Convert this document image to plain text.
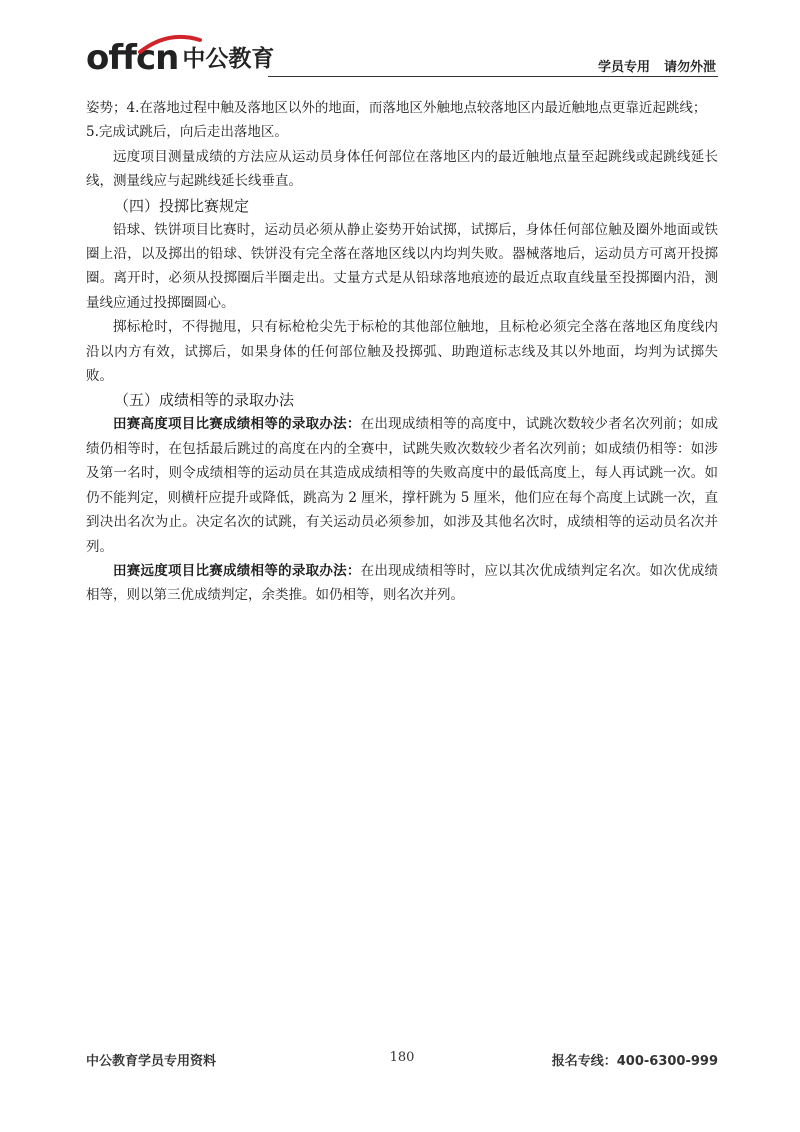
offcn 中公教育	学员专用 请勿外泄

姿势；4.在落地过程中触及落地区以外的地面，而落地区外触地点较落地区内最近触地点更靠近起跳线；

5.完成试跳后，向后走出落地区。

远度项目测量成绩的方法应从运动员身体任何部位在落地区内的最近触地点量至起跳线或起跳线延长线，测量线应与起跳线延长线垂直。

（四）投掷比赛规定

铅球、铁饼项目比赛时，运动员必须从静止姿势开始试掷，试掷后，身体任何部位触及圈外地面或铁圈上沿，以及掷出的铅球、铁饼没有完全落在落地区线以内均判失败。器械落地后，运动员方可离开投掷圈。离开时，必须从投掷圈后半圈走出。丈量方式是从铅球落地痕迹的最近点取直线量至投掷圈内沿，测量线应通过投掷圈圆心。

掷标枪时，不得抛甩，只有标枪枪尖先于标枪的其他部位触地，且标枪必须完全落在落地区角度线内沿以内方有效，试掷后，如果身体的任何部位触及投掷弧、助跑道标志线及其以外地面，均判为试掷失败。

（五）成绩相等的录取办法

田赛高度项目比赛成绩相等的录取办法：在出现成绩相等的高度中，试跳次数较少者名次列前；如成绩仍相等时，在包括最后跳过的高度在内的全赛中，试跳失败次数较少者名次列前；如成绩仍相等：如涉及第一名时，则令成绩相等的运动员在其造成成绩相等的失败高度中的最低高度上，每人再试跳一次。如仍不能判定，则横杆应提升或降低，跳高为 2 厘米，撑杆跳为 5 厘米，他们应在每个高度上试跳一次，直到决出名次为止。决定名次的试跳，有关运动员必须参加，如涉及其他名次时，成绩相等的运动员名次并列。

田赛远度项目比赛成绩相等的录取办法：在出现成绩相等时，应以其次优成绩判定名次。如次优成绩相等，则以第三优成绩判定，余类推。如仍相等，则名次并列。

中公教育学员专用资料	180	报名专线：400-6300-999
